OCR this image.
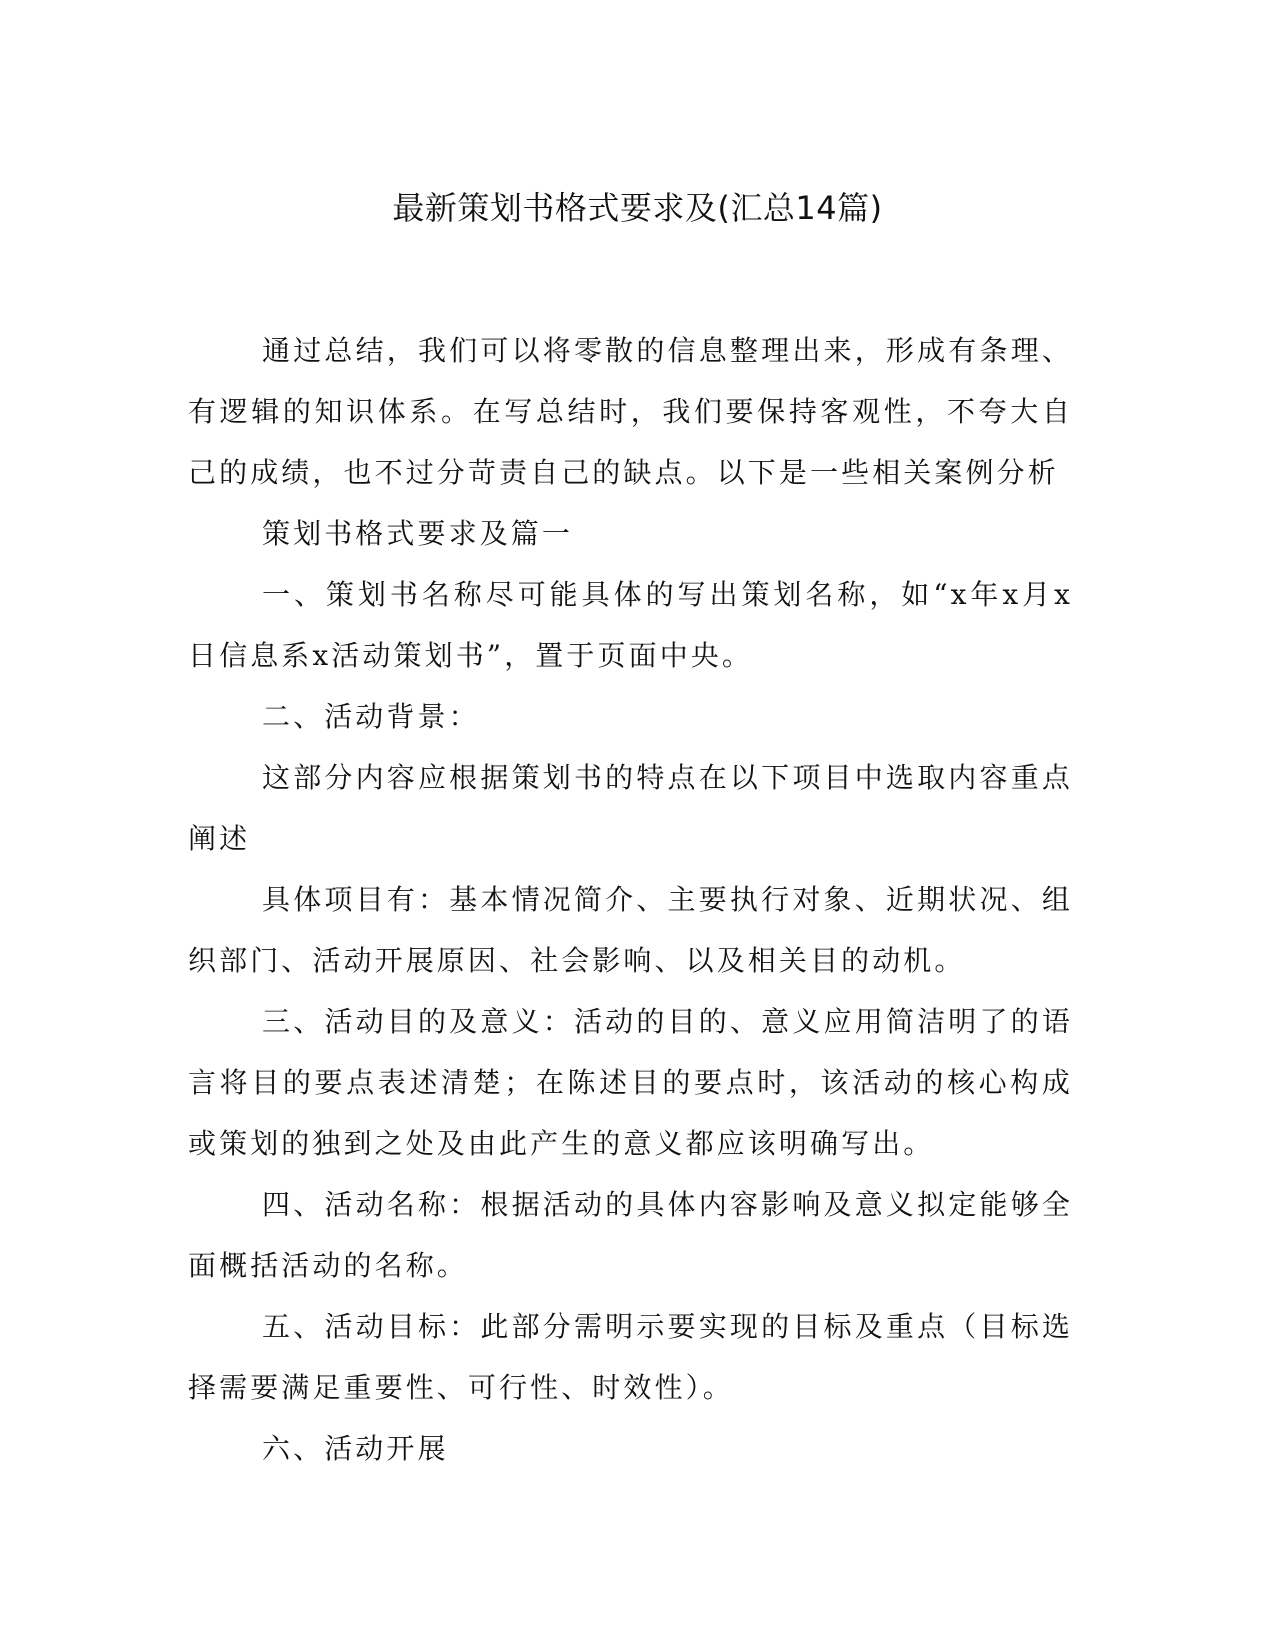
最新策划书格式要求及(汇总14篇)

通过总结，我们可以将零散的信息整理出来，形成有条理、有逻辑的知识体系。在写总结时，我们要保持客观性，不夸大自己的成绩，也不过分苛责自己的缺点。以下是一些相关案例分析

策划书格式要求及篇一

一、策划书名称尽可能具体的写出策划名称，如“x年x月x日信息系x活动策划书”，置于页面中央。

二、活动背景：

这部分内容应根据策划书的特点在以下项目中选取内容重点阐述

具体项目有：基本情况简介、主要执行对象、近期状况、组织部门、活动开展原因、社会影响、以及相关目的动机。

三、活动目的及意义：活动的目的、意义应用简洁明了的语言将目的要点表述清楚；在陈述目的要点时，该活动的核心构成或策划的独到之处及由此产生的意义都应该明确写出。

四、活动名称：根据活动的具体内容影响及意义拟定能够全面概括活动的名称。

五、活动目标：此部分需明示要实现的目标及重点（目标选择需要满足重要性、可行性、时效性）。

六、活动开展
